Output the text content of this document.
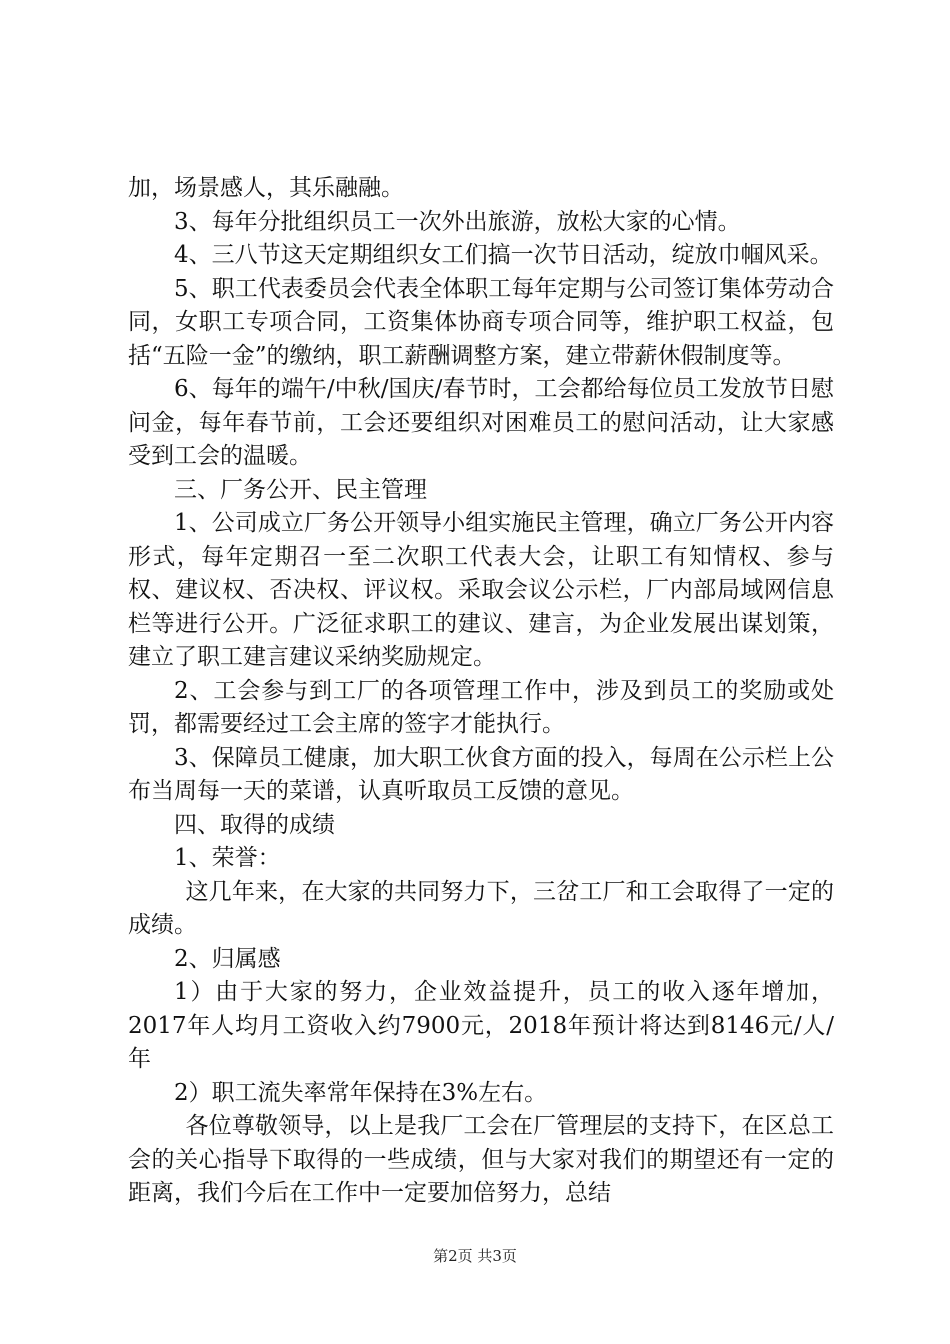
加，场景感人，其乐融融。

3、每年分批组织员工一次外出旅游，放松大家的心情。

4、三八节这天定期组织女工们搞一次节日活动，绽放巾帼风采。

5、职工代表委员会代表全体职工每年定期与公司签订集体劳动合同，女职工专项合同，工资集体协商专项合同等，维护职工权益，包括“五险一金”的缴纳，职工薪酬调整方案，建立带薪休假制度等。

6、每年的端午/中秋/国庆/春节时，工会都给每位员工发放节日慰问金，每年春节前，工会还要组织对困难员工的慰问活动，让大家感受到工会的温暖。

三、厂务公开、民主管理

1、公司成立厂务公开领导小组实施民主管理，确立厂务公开内容形式，每年定期召一至二次职工代表大会，让职工有知情权、参与权、建议权、否决权、评议权。采取会议公示栏，厂内部局域网信息栏等进行公开。广泛征求职工的建议、建言，为企业发展出谋划策，建立了职工建言建议采纳奖励规定。

2、工会参与到工厂的各项管理工作中，涉及到员工的奖励或处罚，都需要经过工会主席的签字才能执行。

3、保障员工健康，加大职工伙食方面的投入，每周在公示栏上公布当周每一天的菜谱，认真听取员工反馈的意见。

四、取得的成绩

1、荣誉：

这几年来，在大家的共同努力下，三岔工厂和工会取得了一定的成绩。

2、归属感

1）由于大家的努力，企业效益提升，员工的收入逐年增加，2017年人均月工资收入约7900元，2018年预计将达到8146元/人/年

2）职工流失率常年保持在3%左右。

各位尊敬领导，以上是我厂工会在厂管理层的支持下，在区总工会的关心指导下取得的一些成绩，但与大家对我们的期望还有一定的距离，我们今后在工作中一定要加倍努力，总结

第2页 共3页
